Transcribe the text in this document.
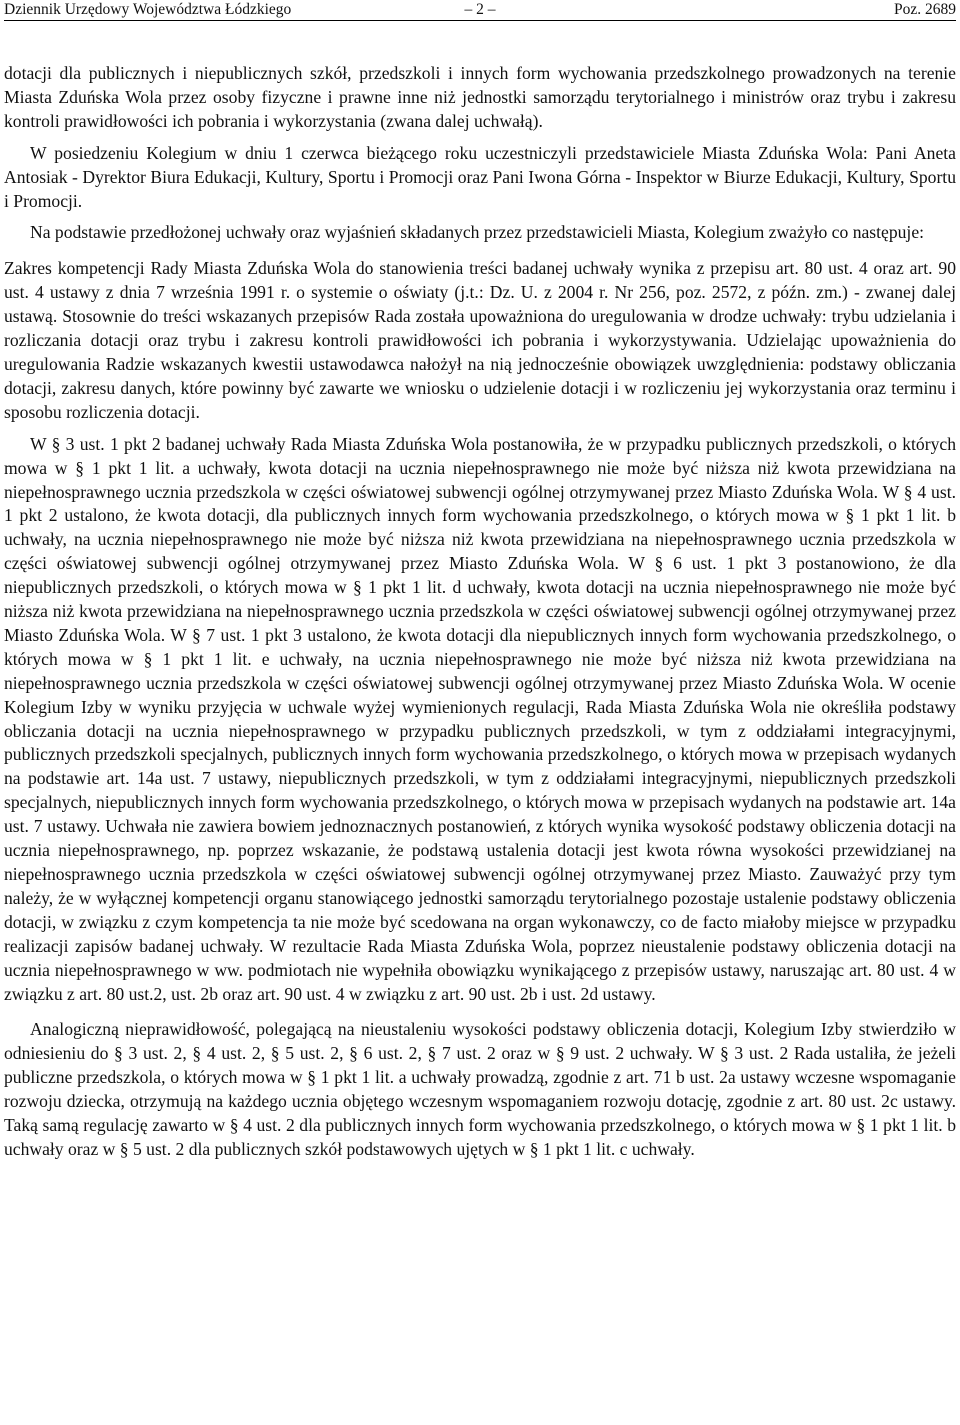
Dziennik Urzędowy Województwa Łódzkiego	– 2 –	Poz. 2689

dotacji dla publicznych i niepublicznych szkół, przedszkoli i innych form wychowania przedszkolnego prowadzonych na terenie Miasta Zduńska Wola przez osoby fizyczne i prawne inne niż jednostki samorządu terytorialnego i ministrów oraz trybu i zakresu kontroli prawidłowości ich pobrania i wykorzystania (zwana dalej uchwałą).

W posiedzeniu Kolegium w dniu 1 czerwca bieżącego roku uczestniczyli przedstawiciele Miasta Zduńska Wola: Pani Aneta Antosiak - Dyrektor Biura Edukacji, Kultury, Sportu i Promocji oraz Pani Iwona Górna - Inspektor w Biurze Edukacji, Kultury, Sportu i Promocji.

Na podstawie przedłożonej uchwały oraz wyjaśnień składanych przez przedstawicieli Miasta, Kolegium zważyło co następuje:

Zakres kompetencji Rady Miasta Zduńska Wola do stanowienia treści badanej uchwały wynika z przepisu art. 80 ust. 4 oraz art. 90 ust. 4 ustawy z dnia 7 września 1991 r. o systemie o oświaty (j.t.: Dz. U. z 2004 r. Nr 256, poz. 2572, z późn. zm.) - zwanej dalej ustawą. Stosownie do treści wskazanych przepisów Rada została upoważniona do uregulowania w drodze uchwały: trybu udzielania i rozliczania dotacji oraz trybu i zakresu kontroli prawidłowości ich pobrania i wykorzystywania. Udzielając upoważnienia do uregulowania Radzie wskazanych kwestii ustawodawca nałożył na nią jednocześnie obowiązek uwzględnienia: podstawy obliczania dotacji, zakresu danych, które powinny być zawarte we wniosku o udzielenie dotacji i w rozliczeniu jej wykorzystania oraz terminu i sposobu rozliczenia dotacji.

W § 3 ust. 1 pkt 2 badanej uchwały Rada Miasta Zduńska Wola postanowiła, że w przypadku publicznych przedszkoli, o których mowa w § 1 pkt 1 lit. a uchwały, kwota dotacji na ucznia niepełnosprawnego nie może być niższa niż kwota przewidziana na niepełnosprawnego ucznia przedszkola w części oświatowej subwencji ogólnej otrzymywanej przez Miasto Zduńska Wola. W § 4 ust. 1 pkt 2 ustalono, że kwota dotacji, dla publicznych innych form wychowania przedszkolnego, o których mowa w § 1 pkt 1 lit. b uchwały, na ucznia niepełnosprawnego nie może być niższa niż kwota przewidziana na niepełnosprawnego ucznia przedszkola w części oświatowej subwencji ogólnej otrzymywanej przez Miasto Zduńska Wola. W § 6 ust. 1 pkt 3 postanowiono, że dla niepublicznych przedszkoli, o których mowa w § 1 pkt 1 lit. d uchwały, kwota dotacji na ucznia niepełnosprawnego nie może być niższa niż kwota przewidziana na niepełnosprawnego ucznia przedszkola w części oświatowej subwencji ogólnej otrzymywanej przez Miasto Zduńska Wola. W § 7 ust. 1 pkt 3 ustalono, że kwota dotacji dla niepublicznych innych form wychowania przedszkolnego, o których mowa w § 1 pkt 1 lit. e uchwały, na ucznia niepełnosprawnego nie może być niższa niż kwota przewidziana na niepełnosprawnego ucznia przedszkola w części oświatowej subwencji ogólnej otrzymywanej przez Miasto Zduńska Wola. W ocenie Kolegium Izby w wyniku przyjęcia w uchwale wyżej wymienionych regulacji, Rada Miasta Zduńska Wola nie określiła podstawy obliczania dotacji na ucznia niepełnosprawnego w przypadku publicznych przedszkoli, w tym z oddziałami integracyjnymi, publicznych przedszkoli specjalnych, publicznych innych form wychowania przedszkolnego, o których mowa w przepisach wydanych na podstawie art. 14a ust. 7 ustawy, niepublicznych przedszkoli, w tym z oddziałami integracyjnymi, niepublicznych przedszkoli specjalnych, niepublicznych innych form wychowania przedszkolnego, o których mowa w przepisach wydanych na podstawie art. 14a ust. 7 ustawy. Uchwała nie zawiera bowiem jednoznacznych postanowień, z których wynika wysokość podstawy obliczenia dotacji na ucznia niepełnosprawnego, np. poprzez wskazanie, że podstawą ustalenia dotacji jest kwota równa wysokości przewidzianej na niepełnosprawnego ucznia przedszkola w części oświatowej subwencji ogólnej otrzymywanej przez Miasto. Zauważyć przy tym należy, że w wyłącznej kompetencji organu stanowiącego jednostki samorządu terytorialnego pozostaje ustalenie podstawy obliczenia dotacji, w związku z czym kompetencja ta nie może być scedowana na organ wykonawczy, co de facto miałoby miejsce w przypadku realizacji zapisów badanej uchwały. W rezultacie Rada Miasta Zduńska Wola, poprzez nieustalenie podstawy obliczenia dotacji na ucznia niepełnosprawnego w ww. podmiotach nie wypełniła obowiązku wynikającego z przepisów ustawy, naruszając art. 80 ust. 4 w związku z art. 80 ust.2, ust. 2b oraz art. 90 ust. 4 w związku z art. 90 ust. 2b i ust. 2d ustawy.

Analogiczną nieprawidłowość, polegającą na nieustaleniu wysokości podstawy obliczenia dotacji, Kolegium Izby stwierdziło w odniesieniu do § 3 ust. 2, § 4 ust. 2, § 5 ust. 2, § 6 ust. 2, § 7 ust. 2 oraz w § 9 ust. 2 uchwały. W § 3 ust. 2 Rada ustaliła, że jeżeli publiczne przedszkola, o których mowa w § 1 pkt 1 lit. a uchwały prowadzą, zgodnie z art. 71 b ust. 2a ustawy wczesne wspomaganie rozwoju dziecka, otrzymują na każdego ucznia objętego wczesnym wspomaganiem rozwoju dotację, zgodnie z art. 80 ust. 2c ustawy. Taką samą regulację zawarto w § 4 ust. 2 dla publicznych innych form wychowania przedszkolnego, o których mowa w § 1 pkt 1 lit. b uchwały oraz w § 5 ust. 2 dla publicznych szkół podstawowych ujętych w § 1 pkt 1 lit. c uchwały.
